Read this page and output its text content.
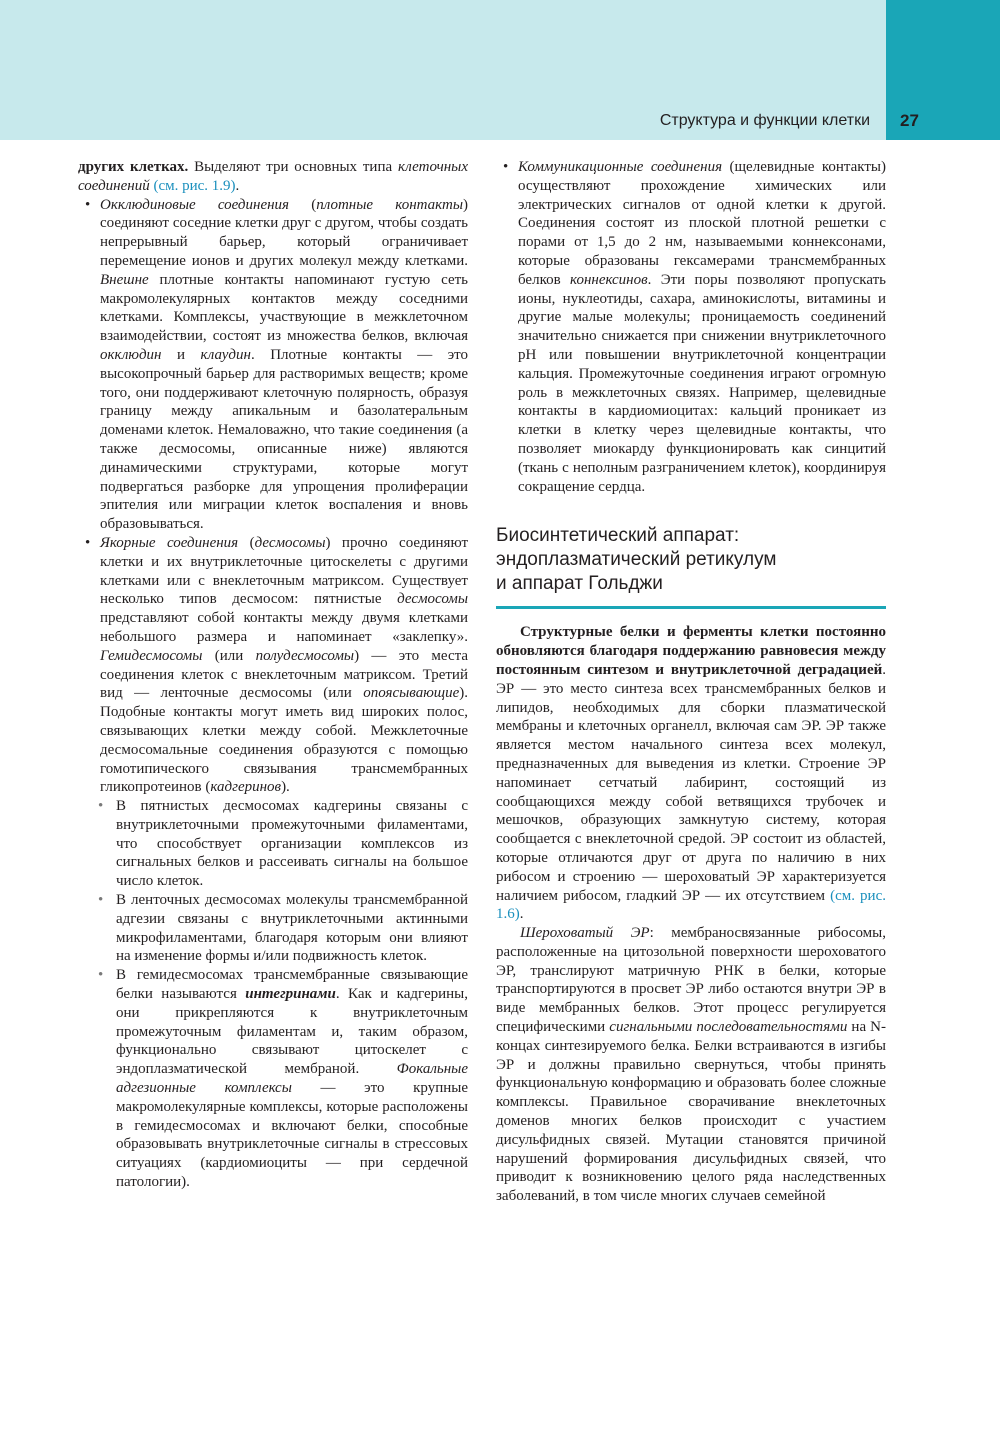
Структура и функции клетки 27

других клетках. Выделяют три основных типа клеточных соединений (см. рис. 1.9).

• Окклюдиновые соединения (плотные контакты) соединяют соседние клетки друг с другом, чтобы создать непрерывный барьер, который ограничивает перемещение ионов и других молекул между клетками. Внешне плотные контакты напоминают густую сеть макромолекулярных контактов между соседними клетками. Комплексы, участвующие в межклеточном взаимодействии, состоят из множества белков, включая окклюдин и клаудин. Плотные контакты — это высокопрочный барьер для растворимых веществ; кроме того, они поддерживают клеточную полярность, образуя границу между апикальным и базолатеральным доменами клеток. Немаловажно, что такие соединения (а также десмосомы, описанные ниже) являются динамическими структурами, которые могут подвергаться разборке для упрощения пролиферации эпителия или миграции клеток воспаления и вновь образовываться.

• Якорные соединения (десмосомы) прочно соединяют клетки и их внутриклеточные цитоскелеты с другими клетками или с внеклеточным матриксом. Существует несколько типов десмосом: пятнистые десмосомы представляют собой контакты между двумя клетками небольшого размера и напоминает «заклепку». Гемидесмосомы (или полудесмосомы) — это места соединения клеток с внеклеточным матриксом. Третий вид — ленточные десмосомы (или опоясывающие). Подобные контакты могут иметь вид широких полос, связывающих клетки между собой. Межклеточные десмосомальные соединения образуются с помощью гомотипического связывания трансмембранных гликопротеинов (кадгеринов).

• В пятнистых десмосомах кадгерины связаны с внутриклеточными промежуточными филаментами, что способствует организации комплексов из сигнальных белков и рассеивать сигналы на большое число клеток.

• В ленточных десмосомах молекулы трансмембранной адгезии связаны с внутриклеточными актинными микрофиламентами, благодаря которым они влияют на изменение формы и/или подвижность клеток.

• В гемидесмосомах трансмембранные связывающие белки называются интегринами. Как и кадгерины, они прикрепляются к внутриклеточным промежуточным филаментам и, таким образом, функционально связывают цитоскелет с эндоплазматической мембраной. Фокальные адгезионные комплексы — это крупные макромолекулярные комплексы, которые расположены в гемидесмосомах и включают белки, способные образовывать внутриклеточные сигналы в стрессовых ситуациях (кардиомиоциты — при сердечной патологии).

• Коммуникационные соединения (щелевидные контакты) осуществляют прохождение химических или электрических сигналов от одной клетки к другой. Соединения состоят из плоской плотной решетки с порами от 1,5 до 2 нм, называемыми коннексонами, которые образованы гексамерами трансмембранных белков коннексинов. Эти поры позволяют пропускать ионы, нуклеотиды, сахара, аминокислоты, витамины и другие малые молекулы; проницаемость соединений значительно снижается при снижении внутриклеточного pH или повышении внутриклеточной концентрации кальция. Промежуточные соединения играют огромную роль в межклеточных связях. Например, щелевидные контакты в кардиомиоцитах: кальций проникает из клетки в клетку через щелевидные контакты, что позволяет миокарду функционировать как синцитий (ткань с неполным разграничением клеток), координируя сокращение сердца.

Биосинтетический аппарат:
эндоплазматический ретикулум
и аппарат Гольджи

Структурные белки и ферменты клетки постоянно обновляются благодаря поддержанию равновесия между постоянным синтезом и внутриклеточной деградацией. ЭР — это место синтеза всех трансмембранных белков и липидов, необходимых для сборки плазматической мембраны и клеточных органелл, включая сам ЭР. ЭР также является местом начального синтеза всех молекул, предназначенных для выведения из клетки. Строение ЭР напоминает сетчатый лабиринт, состоящий из сообщающихся между собой ветвящихся трубочек и мешочков, образующих замкнутую систему, которая сообщается с внеклеточной средой. ЭР состоит из областей, которые отличаются друг от друга по наличию в них рибосом и строению — шероховатый ЭР характеризуется наличием рибосом, гладкий ЭР — их отсутствием (см. рис. 1.6).

Шероховатый ЭР: мембраносвязанные рибосомы, расположенные на цитозольной поверхности шероховатого ЭР, транслируют матричную РНК в белки, которые транспортируются в просвет ЭР либо остаются внутри ЭР в виде мембранных белков. Этот процесс регулируется специфическими сигнальными последовательностями на N-концах синтезируемого белка. Белки встраиваются в изгибы ЭР и должны правильно свернуться, чтобы принять функциональную конформацию и образовать более сложные комплексы. Правильное сворачивание внеклеточных доменов многих белков происходит с участием дисульфидных связей. Мутации становятся причиной нарушений формирования дисульфидных связей, что приводит к возникновению целого ряда наследственных заболеваний, в том числе многих случаев семейной
